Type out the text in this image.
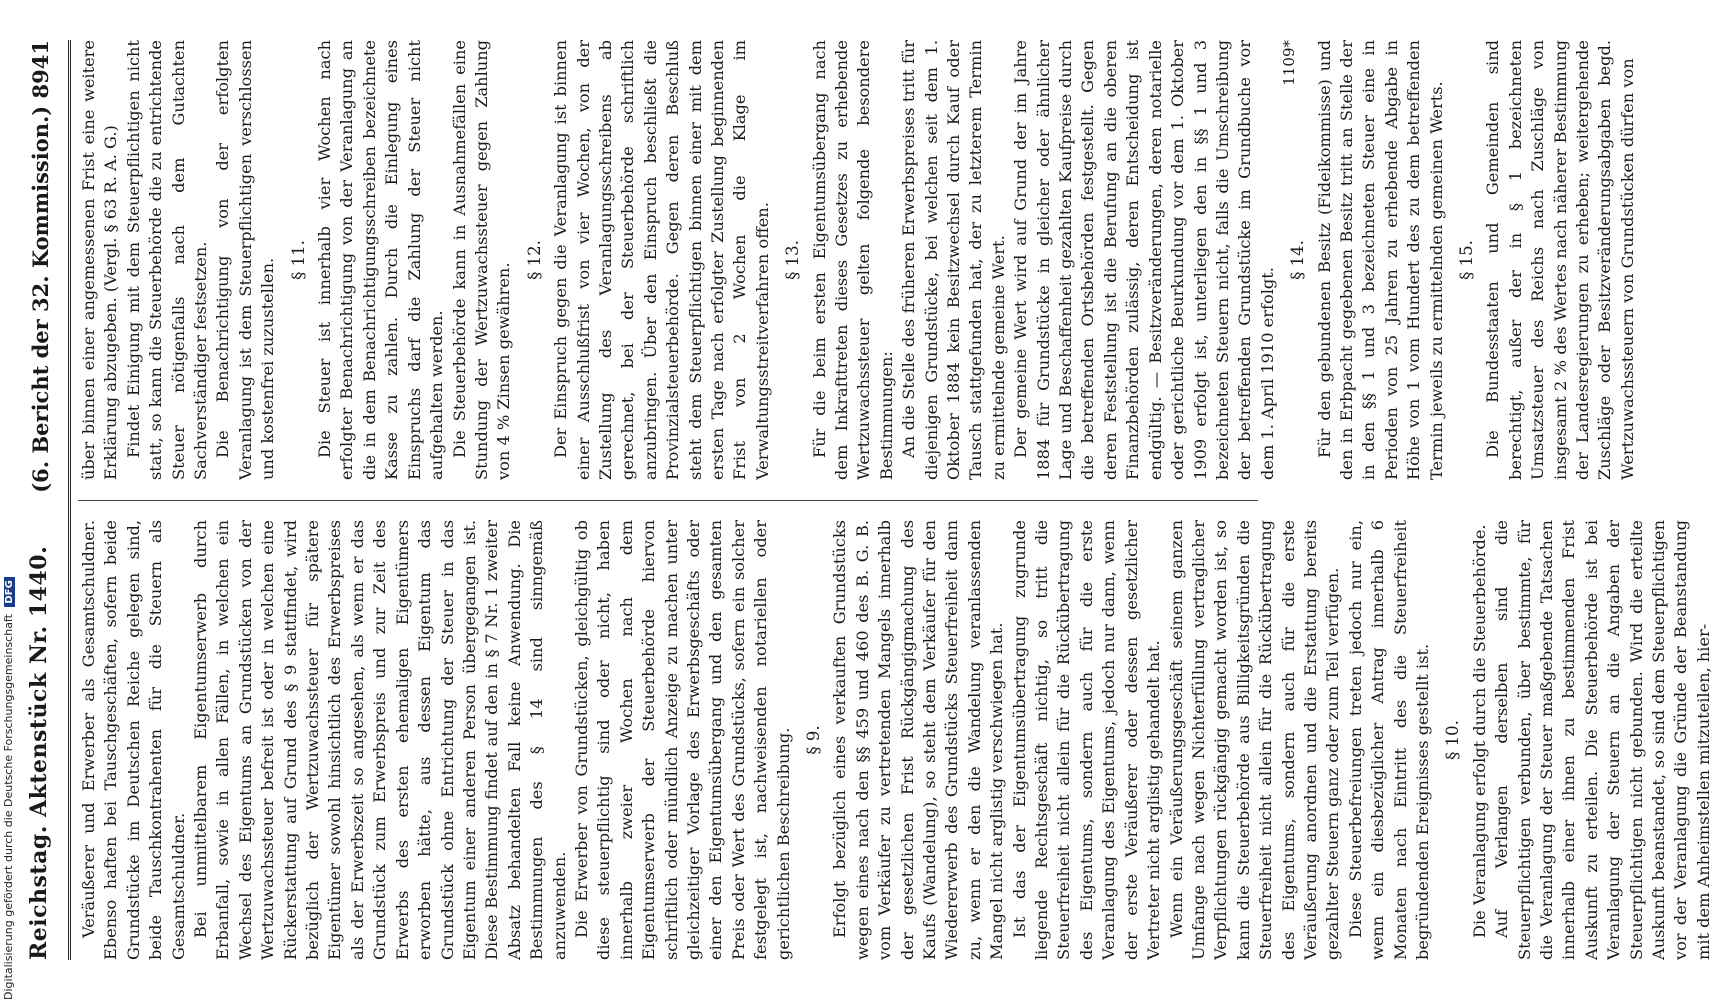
Reichstag. Aktenstück Nr. 1440.
(6. Bericht der 32. Kommission.) 8941

Veräußerer und Erwerber als Gesamtschuldner. Ebenso haften bei Tauschgeschäften, sofern beide Grundstücke im Deutschen Reiche gelegen sind, beide Tauschkontrahenten für die Steuern als Gesamtschuldner. Bei unmittelbarem Eigentumserwerb durch Erbanfall, sowie in allen Fällen, in welchen ein Wechsel des Eigentums an Grundstücken von der Wertzuwachssteuer befreit ist oder in welchen eine Rückerstattung auf Grund des § 9 stattfindet, wird bezüglich der Wertzuwachssteuer für spätere Eigentümer sowohl hinsichtlich des Erwerbspreises als der Erwerbszeit so angesehen, als wenn er das Grundstück zum Erwerbspreis und zur Zeit des Erwerbs des ersten ehemaligen Eigentümers erworben hätte, aus dessen Eigentum das Grundstück ohne Entrichtung der Steuer in das Eigentum einer anderen Person übergegangen ist. Diese Bestimmung findet auf den in § 7 Nr. 1 zweiter Absatz behandelten Fall keine Anwendung. Die Bestimmungen des § 14 sind sinngemäß anzuwenden. Die Erwerber von Grundstücken, gleichgültig ob diese steuerpflichtig sind oder nicht, haben innerhalb zweier Wochen nach dem Eigentumserwerb der Steuerbehörde hiervon schriftlich oder mündlich Anzeige zu machen unter gleichzeitiger Vorlage des Erwerbsgeschäfts oder einer den Eigentumsübergang und den gesamten Preis oder Wert des Grundstücks, sofern ein solcher festgelegt ist, nachweisenden notariellen oder gerichtlichen Beschreibung. § 9. Erfolgt bezüglich eines verkauften Grundstücks wegen eines nach den §§ 459 und 460 des B. G. B. vom Verkäufer zu vertretenden Mangels innerhalb der gesetzlichen Frist Rückgängigmachung des Kaufs (Wandelung), so steht dem Verkäufer für den Wiedererwerb des Grundstücks Steuerfreiheit dann zu, wenn er den die Wandelung veranlassenden Mangel nicht arglistig verschwiegen hat. Ist das der Eigentumsübertragung zugrunde liegende Rechtsgeschäft nichtig, so tritt die Steuerfreiheit nicht allein für die Rückübertragung des Eigentums, sondern auch für die erste Veranlagung des Eigentums, jedoch nur dann, wenn der erste Veräußerer oder dessen gesetzlicher Vertreter nicht arglistig gehandelt hat. Wenn ein Veräußerungsgeschäft seinem ganzen Umfange nach wegen Nichterfüllung vertraglicher Verpflichtungen rückgängig gemacht worden ist, so kann die Steuerbehörde aus Billigkeitsgründen die Steuerfreiheit nicht allein für die Rückübertragung des Eigentums, sondern auch für die erste Veräußerung anordnen und die Erstattung bereits gezahlter Steuern ganz oder zum Teil verfügen. Diese Steuerbefreiungen treten jedoch nur ein, wenn ein diesbezüglicher Antrag innerhalb 6 Monaten nach Eintritt des die Steuerfreiheit begründenden Ereignisses gestellt ist. § 10. Die Veranlagung erfolgt durch die Steuerbehörde. Auf Verlangen derselben sind die Steuerpflichtigen verbunden, über bestimmte, für die Veranlagung der Steuer maßgebende Tatsachen innerhalb einer ihnen zu bestimmenden Frist Auskunft zu erteilen. Die Steuerbehörde ist bei Veranlagung der Steuern an die Angaben der Steuerpflichtigen nicht gebunden. Wird die erteilte Auskunft beanstandet, so sind dem Steuerpflichtigen vor der Veranlagung die Gründe der Beanstandung mit dem Anheimstellen mitzuteilen, hier-

über binnen einer angemessenen Frist eine weitere Erklärung abzugeben. (Vergl. § 63 R. A. G.) Findet Einigung mit dem Steuerpflichtigen nicht statt, so kann die Steuerbehörde die zu entrichtende Steuer nötigenfalls nach dem Gutachten Sachverständiger festsetzen. Die Benachrichtigung von der erfolgten Veranlagung ist dem Steuerpflichtigen verschlossen und kostenfrei zuzustellen. § 11. Die Steuer ist innerhalb vier Wochen nach erfolgter Benachrichtigung von der Veranlagung an die in dem Benachrichtigungsschreiben bezeichnete Kasse zu zahlen. Durch die Einlegung eines Einspruchs darf die Zahlung der Steuer nicht aufgehalten werden. Die Steuerbehörde kann in Ausnahmefällen eine Stundung der Wertzuwachssteuer gegen Zahlung von 4 % Zinsen gewähren.

§ 12. Der Einspruch gegen die Veranlagung ist binnen einer Ausschlußfrist von vier Wochen, von der Zustellung des Veranlagungsschreibens ab gerechnet, bei der Steuerbehörde schriftlich anzubringen. Über den Einspruch beschließt die Provinzialsteuerbehörde. Gegen deren Beschluß steht dem Steuerpflichtigen binnen einer mit dem ersten Tage nach erfolgter Zustellung beginnenden Frist von 2 Wochen die Klage im Verwaltungsstreitverfahren offen. § 13. Für die beim ersten Eigentumsübergang nach dem Inkrafttreten dieses Gesetzes zu erhebende Wertzuwachssteuer gelten folgende besondere Bestimmungen: An die Stelle des früheren Erwerbspreises tritt für diejenigen Grundstücke, bei welchen seit dem 1. Oktober 1884 kein Besitzwechsel durch Kauf oder Tausch stattgefunden hat, der zu letzterem Termin zu ermittelnde gemeine Wert. Der gemeine Wert wird auf Grund der im Jahre 1884 für Grundstücke in gleicher oder ähnlicher Lage und Beschaffenheit gezahlten Kaufpreise durch die betreffenden Ortsbehörden festgestellt. Gegen deren Feststellung ist die Berufung an die oberen Finanzbehörden zulässig, deren Entscheidung ist endgültig. — Besitzveränderungen, deren notarielle oder gerichtliche Beurkundung vor dem 1. Oktober 1909 erfolgt ist, unterliegen den in §§ 1 und 3 bezeichneten Steuern nicht, falls die Umschreibung der betreffenden Grundstücke im Grundbuche vor dem 1. April 1910 erfolgt.

§ 14. Für den gebundenen Besitz (Fideikommisse) und den in Erbpacht gegebenen Besitz tritt an Stelle der in den §§ 1 und 3 bezeichneten Steuer eine in Perioden von 25 Jahren zu erhebende Abgabe in Höhe von 1 vom Hundert des zu dem betreffenden Termin jeweils zu ermittelnden gemeinen Werts. § 15. Die Bundesstaaten und Gemeinden sind berechtigt, außer der in § 1 bezeichneten Umsatzsteuer des Reichs nach Zuschläge von insgesamt 2 % des Wertes nach näherer Bestimmung der Landesregierungen zu erheben; weitergehende Zuschläge oder Besitzveränderungsabgaben begd. Wertzuwachssteuern von Grundstücken dürfen von

1109*
Digitalisierung gefördert durch die Deutsche Forschungsgemeinschaft DFG
